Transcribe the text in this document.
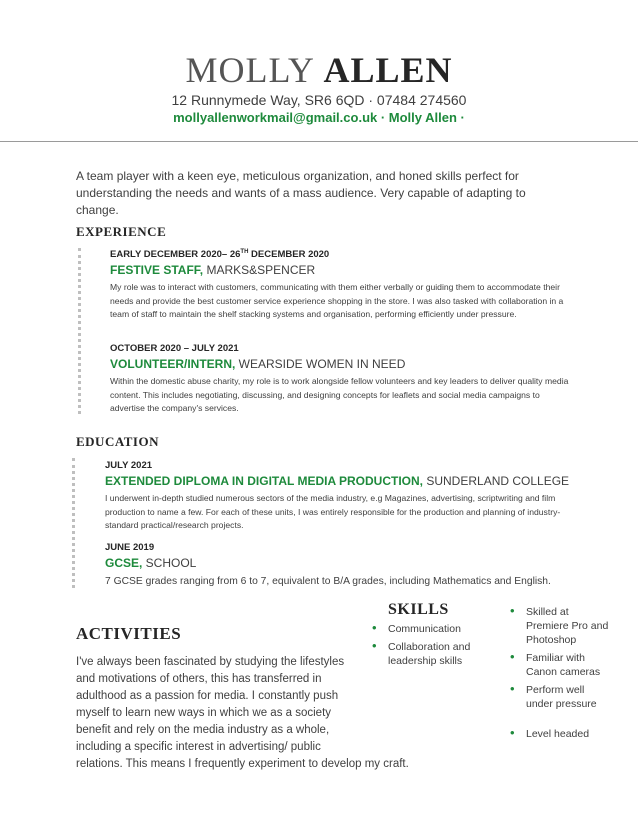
MOLLY ALLEN
12 Runnymede Way, SR6 6QD · 07484 274560
mollyallenworkmail@gmail.co.uk · Molly Allen ·
A team player with a keen eye, meticulous organization, and honed skills perfect for understanding the needs and wants of a mass audience. Very capable of adapting to change.
EXPERIENCE
EARLY DECEMBER 2020– 26TH DECEMBER 2020
FESTIVE STAFF, MARKS&SPENCER
My role was to interact with customers, communicating with them either verbally or guiding them to accommodate their needs and provide the best customer service experience shopping in the store. I was also tasked with collaboration in a team of staff to maintain the shelf stacking systems and organisation, performing efficiently under pressure.
OCTOBER 2020 – JULY 2021
VOLUNTEER/INTERN, WEARSIDE WOMEN IN NEED
Within the domestic abuse charity, my role is to work alongside fellow volunteers and key leaders to deliver quality media content. This includes negotiating, discussing, and designing concepts for leaflets and social media campaigns to advertise the company's services.
EDUCATION
JULY 2021
EXTENDED DIPLOMA IN DIGITAL MEDIA PRODUCTION, SUNDERLAND COLLEGE
I underwent in-depth studied numerous sectors of the media industry, e.g Magazines, advertising, scriptwriting and film production to name a few. For each of these units, I was entirely responsible for the production and planning of industry-standard practical/research projects.
JUNE 2019
GCSE, SCHOOL
7 GCSE grades ranging from 6 to 7, equivalent to B/A grades, including Mathematics and English.
ACTIVITIES
I've always been fascinated by studying the lifestyles
and motivations of others, this has transferred in
adulthood as a passion for media. I constantly push
myself to learn new ways in which we as a society
benefit and rely on the media industry as a whole,
including a specific interest in advertising/ public
relations. This means I frequently experiment to develop my craft.
SKILLS
• Communication
• Collaboration and leadership skills
• Skilled at Premiere Pro and Photoshop
• Familiar with Canon cameras
• Perform well under pressure
• Level headed
